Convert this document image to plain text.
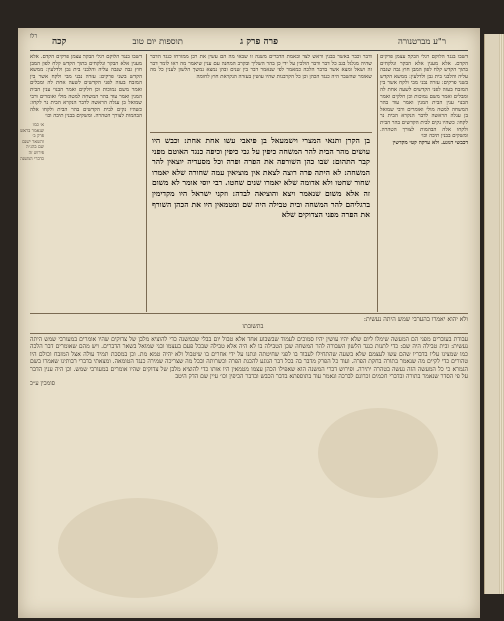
ר"ע מברטנורה
פרה פרק ג
תוספות יום טוב
קכה
רלו

דשבו בנגד הלוקם רגלי הבקר׃ עצמן פרקים הקדם. אלא מענין אלא הבקר ונלקחים בתוך הקדש קלח לפון המבן חוץ גבה שגבה עליה והלבני בית גבן ולדלעין: ממשא הקדש בשני פרקים: עזרה נבני מבי ולקח אשר בין המזבח בעזה לפני הקדשים לשעה אחת לה ומבלים ואמר משם נמוכות וכן חלקים ואמר הבנוי ענין הבית המנין ואמר עוד בהר המשחה למטה מולי ואומרים ורבי שמואל בן עגלה הראשה לדבר הנקרא הבית נר לקחו: כשהיו נקים לבית הקדשים בהר הבית ולקחו אלה הבהמות לצורך הטהרה. ומשקים בבנין תיבה וכו׳

דכבשי דנוגע. ולא ערקה קטי מקדשין

ודבר וכבר באשר בבנין וראש לצד ובאמת הדברים משנה זו שבאי מה הם עשין את רבן ממזרחו כנגד הדבר שהיה מגלגל בגב כל דבר ודבר הולכין על ידי כן בהר השליך ובקרב המחנה עם ענין שיאמר מה ראו לומר דבר זה ושאל ומצא אשר בדבר הלכה כמאמר לפי שנאמר דבר בין שנים ובהן נמצא נמשך הלשון לענין כל מה שאומר שהשבר היה כנגד הכהן וכן כל הקרבנות שהיו עושין בעזרה הנקראת חוץ לחומה

בן הקרן ותנאי המצרי וישמעאל בן פיאבי עשו אחת אחת: וכבש היו עושים מהר הבית להר המשחה כיפין על גבי כיפין וכיפה כנגד האוטם מפני קבר התהום: שבו כהן השורפה את הפרה ופרה וכל מסעדיה יוצאין להר המשחה: לא היתה פרה רוצה לצאת אין מוציאין עמה שחורה שלא יאמרו שחור שחטו ולא אדומה שלא יאמרו שנים שחטו. רבי יוסי אומר לא משום זה אלא משום שנאמר ויצא והוציאה לבדה: וזקני ישראל היו מקדימין ברגליהם להר המשחה ובית טבילה היה שם ומטמאין היו את הכהן השורף את הפרה מפני הצדוקים שלא

דשבו בנגד הלוקם רגלי הבקר׃ עצמן פרקים הקדם. אלא מענין אלא הבקר ונלקחים בתוך הקדש קלח לפון המבן חוץ גבה שגבה עליה והלבני בית גבן ולדלעין: ממשא הקדש בשני פרקים: עזרה נבני מבי ולקח אשר בין המזבח בעזה לפני הקדשים לשעה אחת לה ומבלים ואמר משם נמוכות וכן חלקים ואמר הבנוי ענין הבית המנין ואמר עוד בהר המשחה למטה מולי ואומרים ורבי שמואל בן עגלה הראשה לדבר הנקרא הבית נר לקחו: כשהיו נקים לבית הקדשים בהר הבית ולקחו אלה הבהמות לצורך הטהרה. ומשקים בבנין תיבה וכו׳

א׳ כמו שנאמר בראש פרק ב׳ והשאר ישנם שם בהג״ה פירוש זה כדברי המשנה

ולא יהוא יאמרו בהערבי שמש היתה נעשית:

בתשובתו

עבודת בעוברים מפני הם המעשה שימלו ליום שלא יהיו עושין יהיו סמוכים לעמוד שבשבוע אחד אלא טבול יום בבלי שבמשנה כדי להוציא מלבן של צדוקים שהיו אומרים במעורבי שמש היתה נעשית: ובית טבילה היה שם: כדי לתנות כנגד הלשון השבורה להר המשחה שכן הטבילה בו לא היה אלא טבילה שבכל פעם בעצמו ובני שמואל בשאר הדברים. ויש מהם שאומרים דבר הלכה כמו שמצינו עליו בדבריו שהם עשו לעצמם שלא בשעה שהתחילו לעבוד בו לפני שחיטתה ונתנו על ידי אחרים בו שיטבול ולא יהיה טמא מת. וכן במסכת תמיד עולה אצל המזבח וכולם היו טהורים כדי לקיים מה שנאמר בתורה בחקת הפרה. ועוד כל הפרק מדבר בה בכל דבר הנוגע להכנת הפרה וכשרותה ובכל מה שצריכה שמירה כנגד הטומאה. ומצאתי בדברי רבותינו שאמרו בשם הגמרא כי כל המעשה הזה נעשה בטהרה יתירה. ופירוש דברי המשנה הוא שאפילו הכהן עצמו מטמאין היו אותו כדי להוציא מלבן של צדוקים שהיו אומרים במעורבי שמש. וכן היה ענין הדבר על פי הסדר שנאמר בתורה ובדברי חכמים זכרונם לברכה ונאמר עוד בתוספתא בדבר הכבש ובדבר הכיפין וכו׳ עיין שם הדק היטב

סומכין ע״כ
